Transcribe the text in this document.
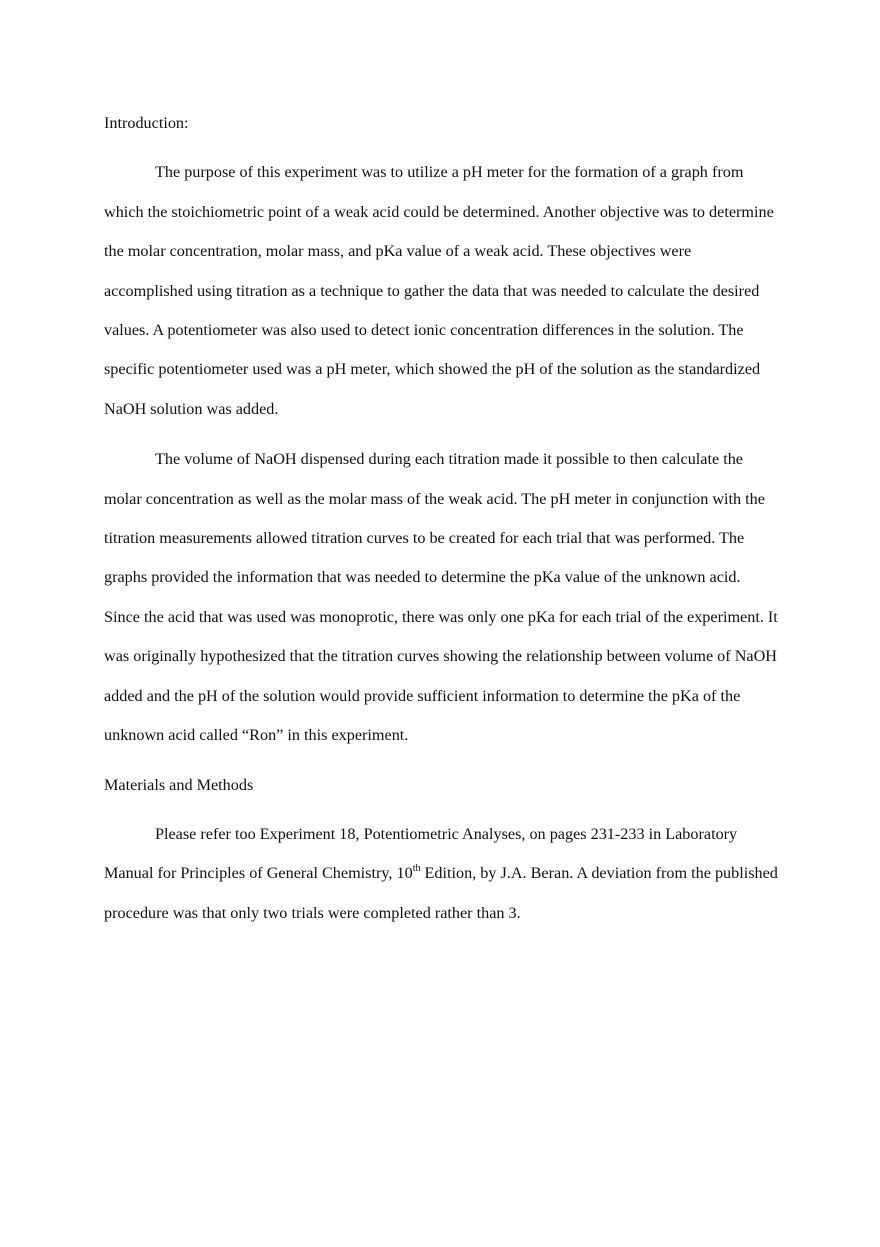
Introduction:

The purpose of this experiment was to utilize a pH meter for the formation of a graph from which the stoichiometric point of a weak acid could be determined. Another objective was to determine the molar concentration, molar mass, and pKa value of a weak acid. These objectives were accomplished using titration as a technique to gather the data that was needed to calculate the desired values. A potentiometer was also used to detect ionic concentration differences in the solution. The specific potentiometer used was a pH meter, which showed the pH of the solution as the standardized NaOH solution was added.

The volume of NaOH dispensed during each titration made it possible to then calculate the molar concentration as well as the molar mass of the weak acid. The pH meter in conjunction with the titration measurements allowed titration curves to be created for each trial that was performed. The graphs provided the information that was needed to determine the pKa value of the unknown acid. Since the acid that was used was monoprotic, there was only one pKa for each trial of the experiment. It was originally hypothesized that the titration curves showing the relationship between volume of NaOH added and the pH of the solution would provide sufficient information to determine the pKa of the unknown acid called “Ron” in this experiment.

Materials and Methods

Please refer too Experiment 18, Potentiometric Analyses, on pages 231-233 in Laboratory Manual for Principles of General Chemistry, 10th Edition, by J.A. Beran. A deviation from the published procedure was that only two trials were completed rather than 3.
